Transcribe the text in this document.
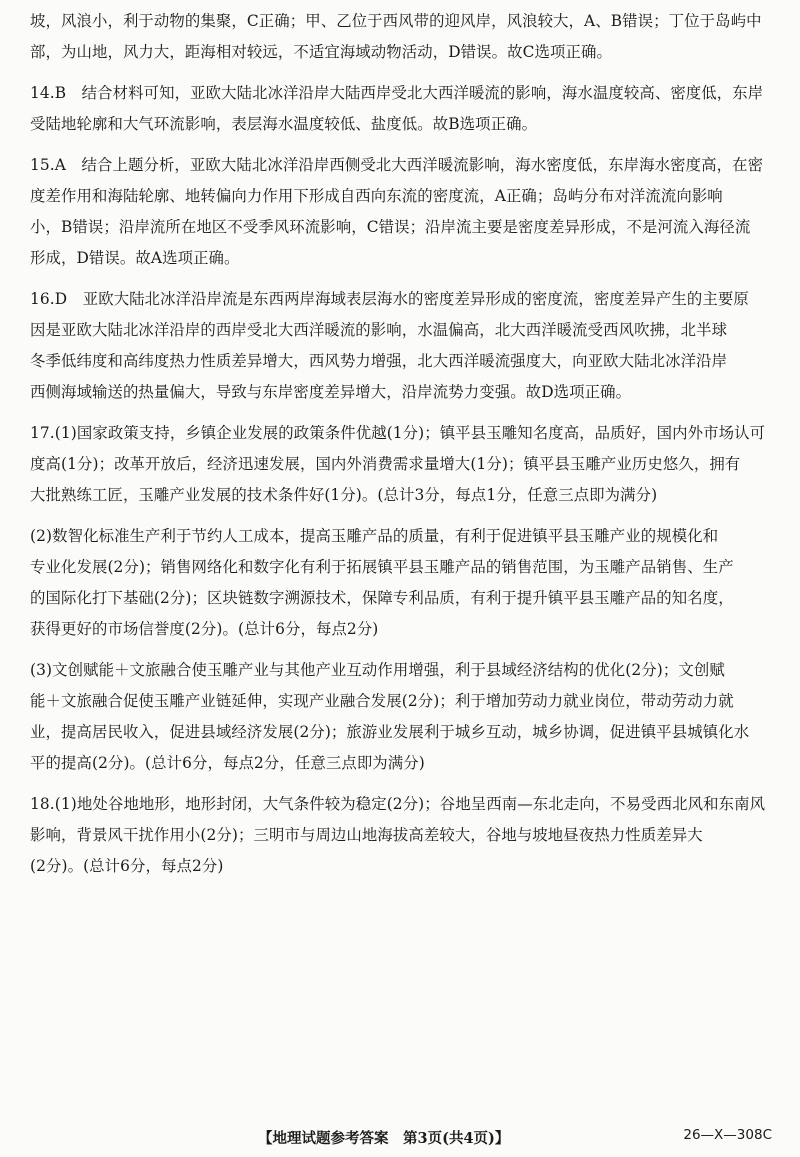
坡，风浪小，利于动物的集聚，C正确；甲、乙位于西风带的迎风岸，风浪较大，A、B错误；丁位于岛屿中
部，为山地，风力大，距海相对较远，不适宜海域动物活动，D错误。故C选项正确。
14.B　结合材料可知，亚欧大陆北冰洋沿岸大陆西岸受北大西洋暖流的影响，海水温度较高、密度低，东岸
受陆地轮廓和大气环流影响，表层海水温度较低、盐度低。故B选项正确。
15.A　结合上题分析，亚欧大陆北冰洋沿岸西侧受北大西洋暖流影响，海水密度低，东岸海水密度高，在密
度差作用和海陆轮廓、地转偏向力作用下形成自西向东流的密度流，A正确；岛屿分布对洋流流向影响
小，B错误；沿岸流所在地区不受季风环流影响，C错误；沿岸流主要是密度差异形成，不是河流入海径流
形成，D错误。故A选项正确。
16.D　亚欧大陆北冰洋沿岸流是东西两岸海域表层海水的密度差异形成的密度流，密度差异产生的主要原
因是亚欧大陆北冰洋沿岸的西岸受北大西洋暖流的影响，水温偏高，北大西洋暖流受西风吹拂，北半球
冬季低纬度和高纬度热力性质差异增大，西风势力增强，北大西洋暖流强度大，向亚欧大陆北冰洋沿岸
西侧海域输送的热量偏大，导致与东岸密度差异增大，沿岸流势力变强。故D选项正确。
17.(1)国家政策支持，乡镇企业发展的政策条件优越(1分)；镇平县玉雕知名度高，品质好，国内外市场认可
度高(1分)；改革开放后，经济迅速发展，国内外消费需求量增大(1分)；镇平县玉雕产业历史悠久，拥有
大批熟练工匠，玉雕产业发展的技术条件好(1分)。(总计3分，每点1分，任意三点即为满分)
(2)数智化标准生产利于节约人工成本，提高玉雕产品的质量，有利于促进镇平县玉雕产业的规模化和
专业化发展(2分)；销售网络化和数字化有利于拓展镇平县玉雕产品的销售范围，为玉雕产品销售、生产
的国际化打下基础(2分)；区块链数字溯源技术，保障专利品质，有利于提升镇平县玉雕产品的知名度，
获得更好的市场信誉度(2分)。(总计6分，每点2分)
(3)文创赋能＋文旅融合使玉雕产业与其他产业互动作用增强，利于县域经济结构的优化(2分)；文创赋
能＋文旅融合促使玉雕产业链延伸，实现产业融合发展(2分)；利于增加劳动力就业岗位，带动劳动力就
业，提高居民收入，促进县域经济发展(2分)；旅游业发展利于城乡互动，城乡协调，促进镇平县城镇化水
平的提高(2分)。(总计6分，每点2分，任意三点即为满分)
18.(1)地处谷地地形，地形封闭，大气条件较为稳定(2分)；谷地呈西南—东北走向，不易受西北风和东南风
影响，背景风干扰作用小(2分)；三明市与周边山地海拔高差较大，谷地与坡地昼夜热力性质差异大
(2分)。(总计6分，每点2分)
【地理试题参考答案　第3页(共4页)】	26—X—308C
